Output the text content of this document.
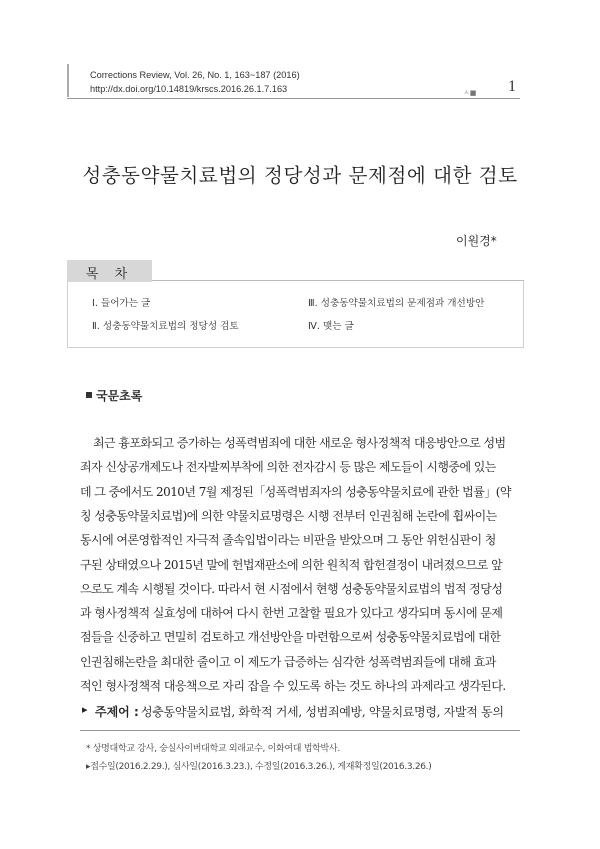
Corrections Review, Vol. 26, No. 1, 163~187 (2016)
http://dx.doi.org/10.14819/krscs.2016.26.1.7.163	ㅅ■ 1
성충동약물치료법의 정당성과 문제점에 대한 검토
이원경*
목 차
Ⅰ. 들어가는 글
Ⅱ. 성충동약물치료법의 정당성 검토
Ⅲ. 성충동약물치료법의 문제점과 개선방안
Ⅳ. 맺는 글
국문초록
최근 흉포화되고 증가하는 성폭력범죄에 대한 새로운 형사정책적 대응방안으로 성범
죄자 신상공개제도나 전자발찌부착에 의한 전자감시 등 많은 제도들이 시행중에 있는
데 그 중에서도 2010년 7월 제정된「성폭력범죄자의 성충동약물치료에 관한 법률」(약
칭 성충동약물치료법)에 의한 약물치료명령은 시행 전부터 인권침해 논란에 휩싸이는
동시에 여론영합적인 자극적 졸속입법이라는 비판을 받았으며 그 동안 위헌심판이 청
구된 상태였으나 2015년 말에 헌법재판소에 의한 원칙적 합헌결정이 내려졌으므로 앞
으로도 계속 시행될 것이다. 따라서 현 시점에서 현행 성충동약물치료법의 법적 정당성
과 형사정책적 실효성에 대하여 다시 한번 고찰할 필요가 있다고 생각되며 동시에 문제
점들을 신중하고 면밀히 검토하고 개선방안을 마련함으로써 성충동약물치료법에 대한
인권침해논란을 최대한 줄이고 이 제도가 급증하는 심각한 성폭력범죄들에 대해 효과
▸ 주제어 : 성충동약물치료법, 화학적 거세, 성범죄예방, 약물치료명령, 자발적 동의
* 상명대학교 강사, 숭실사이버대학교 외래교수, 이화여대 법학박사.
▸접수일(2016.2.29.), 심사일(2016.3.23.), 수정일(2016.3.26.), 게재확정일(2016.3.26.)
적인 형사정책적 대응책으로 자리 잡을 수 있도록 하는 것도 하나의 과제라고 생각된다.
